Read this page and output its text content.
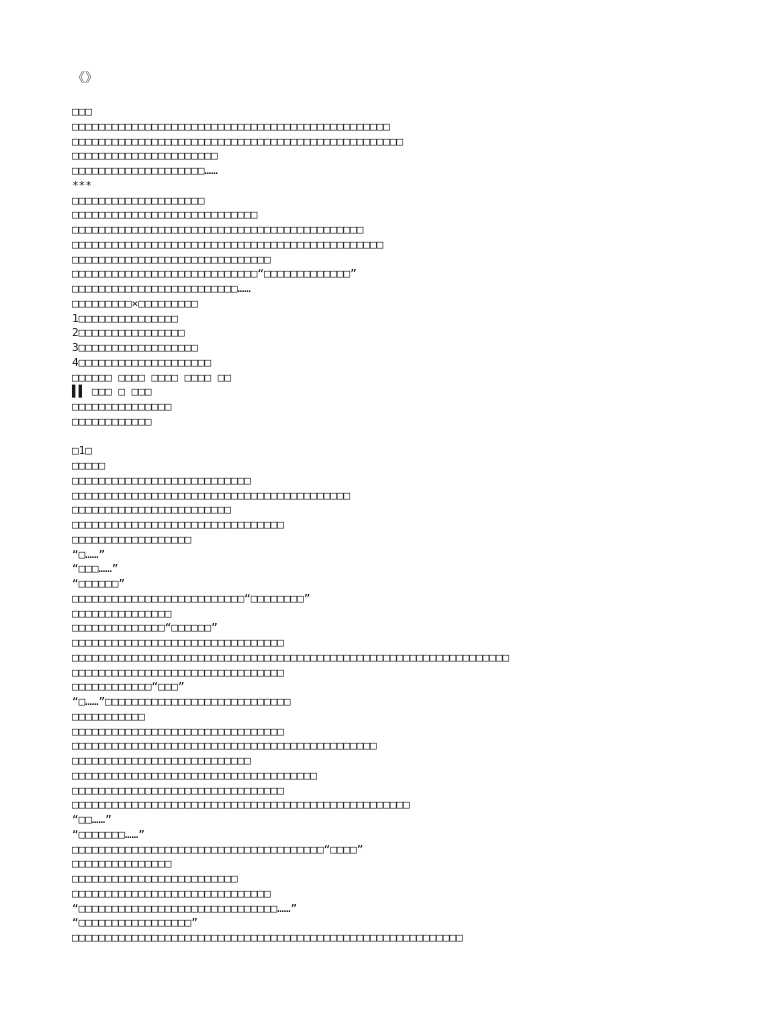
《》
□□□
□□□□□□□□□□□□□□□□□□□□□□□□□□□□□□□□□□□□□□□□□□□□□□□□
□□□□□□□□□□□□□□□□□□□□□□□□□□□□□□□□□□□□□□□□□□□□□□□□□□
□□□□□□□□□□□□□□□□□□□□□□
□□□□□□□□□□□□□□□□□□□□……
***
□□□□□□□□□□□□□□□□□□□□
□□□□□□□□□□□□□□□□□□□□□□□□□□□□
□□□□□□□□□□□□□□□□□□□□□□□□□□□□□□□□□□□□□□□□□□□□
□□□□□□□□□□□□□□□□□□□□□□□□□□□□□□□□□□□□□□□□□□□□□□□
□□□□□□□□□□□□□□□□□□□□□□□□□□□□□□
□□□□□□□□□□□□□□□□□□□□□□□□□□□□“□□□□□□□□□□□□□”
□□□□□□□□□□□□□□□□□□□□□□□□□……
□□□□□□□□□×□□□□□□□□□
1□□□□□□□□□□□□□□□
2□□□□□□□□□□□□□□□□
3□□□□□□□□□□□□□□□□□□
4□□□□□□□□□□□□□□□□□□□□
□□□□□□ □□□□ □□□□ □□□□ □□
▌▌ □□□ □ □□□
□□□□□□□□□□□□□□□
□□□□□□□□□□□□
□1□
□□□□□
□□□□□□□□□□□□□□□□□□□□□□□□□□□
□□□□□□□□□□□□□□□□□□□□□□□□□□□□□□□□□□□□□□□□□□
□□□□□□□□□□□□□□□□□□□□□□□□
□□□□□□□□□□□□□□□□□□□□□□□□□□□□□□□□
□□□□□□□□□□□□□□□□□□
“□……”
“□□□……”
“□□□□□□”
□□□□□□□□□□□□□□□□□□□□□□□□□□“□□□□□□□□”
□□□□□□□□□□□□□□□
□□□□□□□□□□□□□□“□□□□□□”
□□□□□□□□□□□□□□□□□□□□□□□□□□□□□□□□
□□□□□□□□□□□□□□□□□□□□□□□□□□□□□□□□□□□□□□□□□□□□□□□□□□□□□□□□□□□□□□□□□□
□□□□□□□□□□□□□□□□□□□□□□□□□□□□□□□□
□□□□□□□□□□□□“□□□”
“□……”□□□□□□□□□□□□□□□□□□□□□□□□□□□□
□□□□□□□□□□□
□□□□□□□□□□□□□□□□□□□□□□□□□□□□□□□□
□□□□□□□□□□□□□□□□□□□□□□□□□□□□□□□□□□□□□□□□□□□□□□
□□□□□□□□□□□□□□□□□□□□□□□□□□□
□□□□□□□□□□□□□□□□□□□□□□□□□□□□□□□□□□□□□
□□□□□□□□□□□□□□□□□□□□□□□□□□□□□□□□
□□□□□□□□□□□□□□□□□□□□□□□□□□□□□□□□□□□□□□□□□□□□□□□□□□□
“□□……”
“□□□□□□□……”
□□□□□□□□□□□□□□□□□□□□□□□□□□□□□□□□□□□□□□“□□□□”
□□□□□□□□□□□□□□□
□□□□□□□□□□□□□□□□□□□□□□□□□
□□□□□□□□□□□□□□□□□□□□□□□□□□□□□□
“□□□□□□□□□□□□□□□□□□□□□□□□□□□□□□……”
“□□□□□□□□□□□□□□□□□”
□□□□□□□□□□□□□□□□□□□□□□□□□□□□□□□□□□□□□□□□□□□□□□□□□□□□□□□□□□□
